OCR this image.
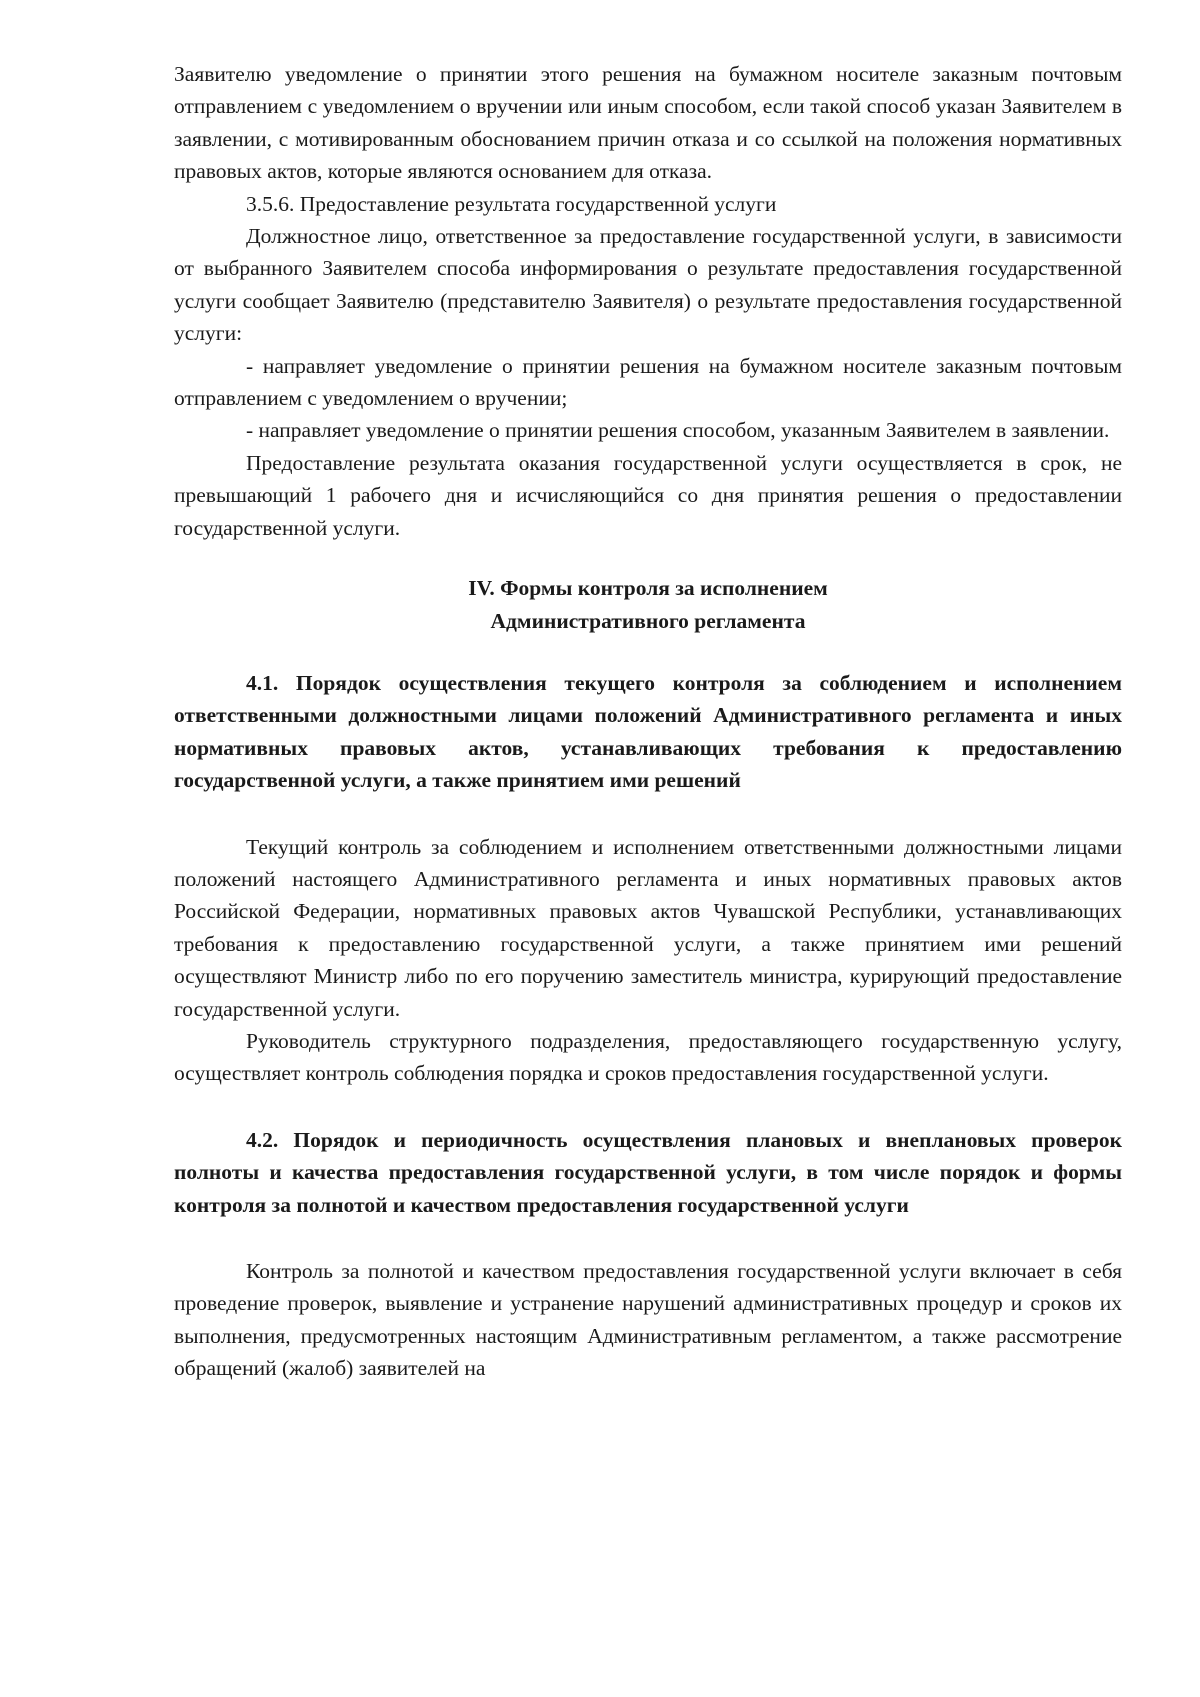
Заявителю уведомление о принятии этого решения на бумажном носителе заказным почтовым отправлением с уведомлением о вручении или иным способом, если такой способ указан Заявителем в заявлении, с мотивированным обоснованием причин отказа и со ссылкой на положения нормативных правовых актов, которые являются основанием для отказа.

3.5.6. Предоставление результата государственной услуги

Должностное лицо, ответственное за предоставление государственной услуги, в зависимости от выбранного Заявителем способа информирования о результате предоставления государственной услуги сообщает Заявителю (представителю Заявителя) о результате предоставления государственной услуги:

- направляет уведомление о принятии решения на бумажном носителе заказным почтовым отправлением с уведомлением о вручении;

- направляет уведомление о принятии решения способом, указанным Заявителем в заявлении.

Предоставление результата оказания государственной услуги осуществляется в срок, не превышающий 1 рабочего дня и исчисляющийся со дня принятия решения о предоставлении государственной услуги.

IV. Формы контроля за исполнением

Административного регламента

4.1. Порядок осуществления текущего контроля за соблюдением и исполнением ответственными должностными лицами положений Административного регламента и иных нормативных правовых актов, устанавливающих требования к предоставлению государственной услуги, а также принятием ими решений

Текущий контроль за соблюдением и исполнением ответственными должностными лицами положений настоящего Административного регламента и иных нормативных правовых актов Российской Федерации, нормативных правовых актов Чувашской Республики, устанавливающих требования к предоставлению государственной услуги, а также принятием ими решений осуществляют Министр либо по его поручению заместитель министра, курирующий предоставление государственной услуги.

Руководитель структурного подразделения, предоставляющего государственную услугу, осуществляет контроль соблюдения порядка и сроков предоставления государственной услуги.

4.2. Порядок и периодичность осуществления плановых и внеплановых проверок полноты и качества предоставления государственной услуги, в том числе порядок и формы контроля за полнотой и качеством предоставления государственной услуги

Контроль за полнотой и качеством предоставления государственной услуги включает в себя проведение проверок, выявление и устранение нарушений административных процедур и сроков их выполнения, предусмотренных настоящим Административным регламентом, а также рассмотрение обращений (жалоб) заявителей на
